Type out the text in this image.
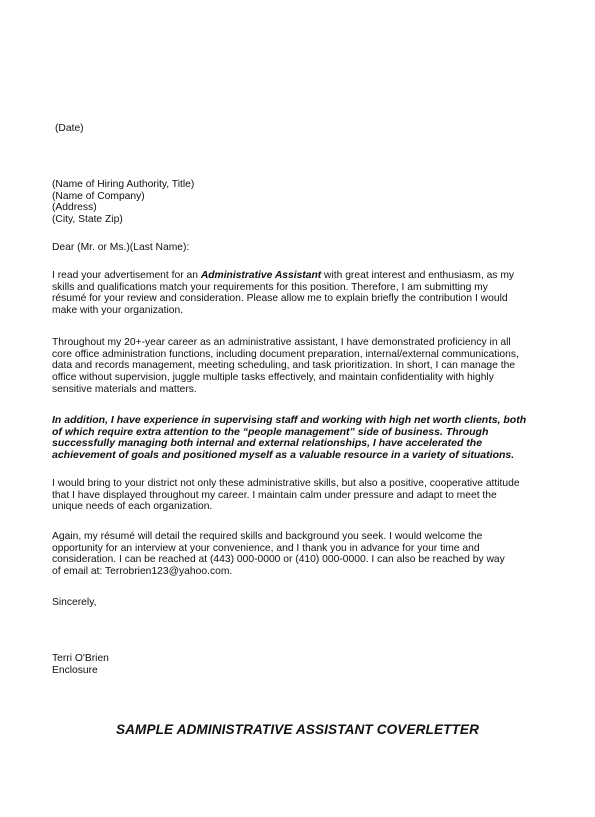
(Date)

(Name of Hiring Authority, Title)
(Name of Company)
(Address)
(City, State Zip)

Dear (Mr. or Ms.)(Last Name):

I read your advertisement for an Administrative Assistant with great interest and enthusiasm, as my
skills and qualifications match your requirements for this position. Therefore, I am submitting my
résumé for your review and consideration. Please allow me to explain briefly the contribution I would
make with your organization.
Throughout my 20+-year career as an administrative assistant, I have demonstrated proficiency in all
core office administration functions, including document preparation, internal/external communications,
data and records management, meeting scheduling, and task prioritization. In short, I can manage the
office without supervision, juggle multiple tasks effectively, and maintain confidentiality with highly
sensitive materials and matters.
In addition, I have experience in supervising staff and working with high net worth clients, both
of which require extra attention to the “people management” side of business. Through
successfully managing both internal and external relationships, I have accelerated the
achievement of goals and positioned myself as a valuable resource in a variety of situations.
I would bring to your district not only these administrative skills, but also a positive, cooperative attitude
that I have displayed throughout my career. I maintain calm under pressure and adapt to meet the
unique needs of each organization.
Again, my résumé will detail the required skills and background you seek. I would welcome the
opportunity for an interview at your convenience, and I thank you in advance for your time and
consideration. I can be reached at (443) 000-0000 or (410) 000-0000. I can also be reached by way
of email at: Terrobrien123@yahoo.com.

Sincerely,

Terri O'Brien

Enclosure

SAMPLE ADMINISTRATIVE ASSISTANT COVERLETTER
